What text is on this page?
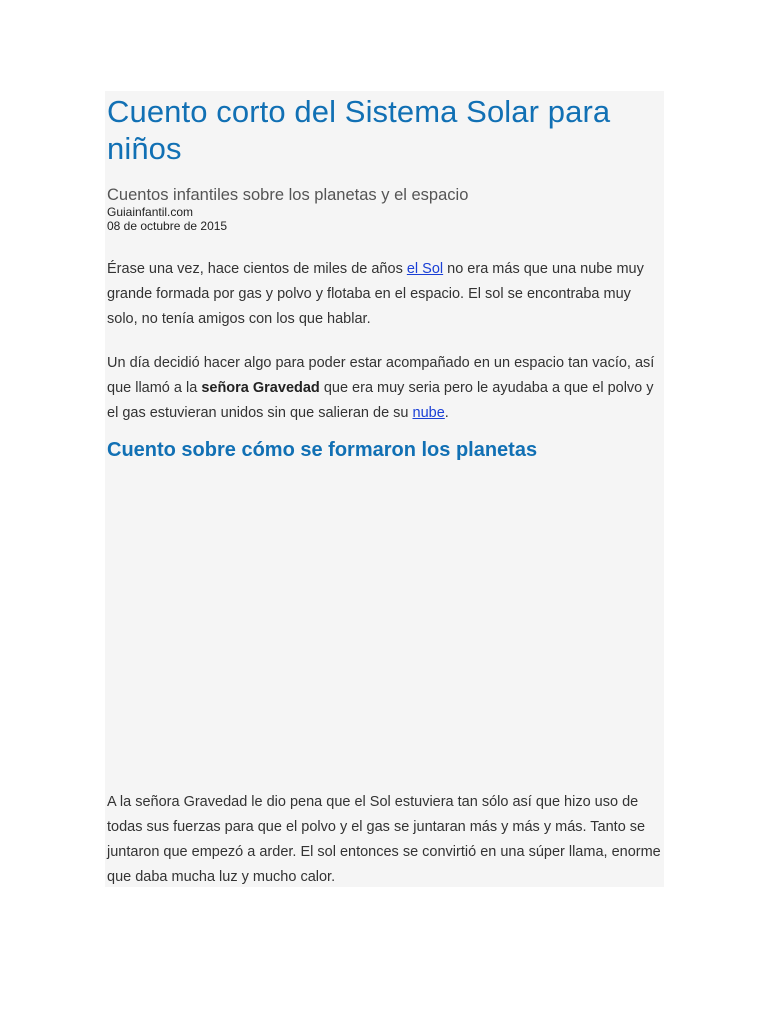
Cuento corto del Sistema Solar para niños
Cuentos infantiles sobre los planetas y el espacio
Guiainfantil.com
08 de octubre de 2015

Érase una vez, hace cientos de miles de años el Sol no era más que una nube muy grande formada por gas y polvo y flotaba en el espacio. El sol se encontraba muy solo, no tenía amigos con los que hablar.

Un día decidió hacer algo para poder estar acompañado en un espacio tan vacío, así que llamó a la señora Gravedad que era muy seria pero le ayudaba a que el polvo y el gas estuvieran unidos sin que salieran de su nube.

Cuento sobre cómo se formaron los planetas

A la señora Gravedad le dio pena que el Sol estuviera tan sólo así que hizo uso de todas sus fuerzas para que el polvo y el gas se juntaran más y más y más. Tanto se juntaron que empezó a arder. El sol entonces se convirtió en una súper llama, enorme que daba mucha luz y mucho calor.
